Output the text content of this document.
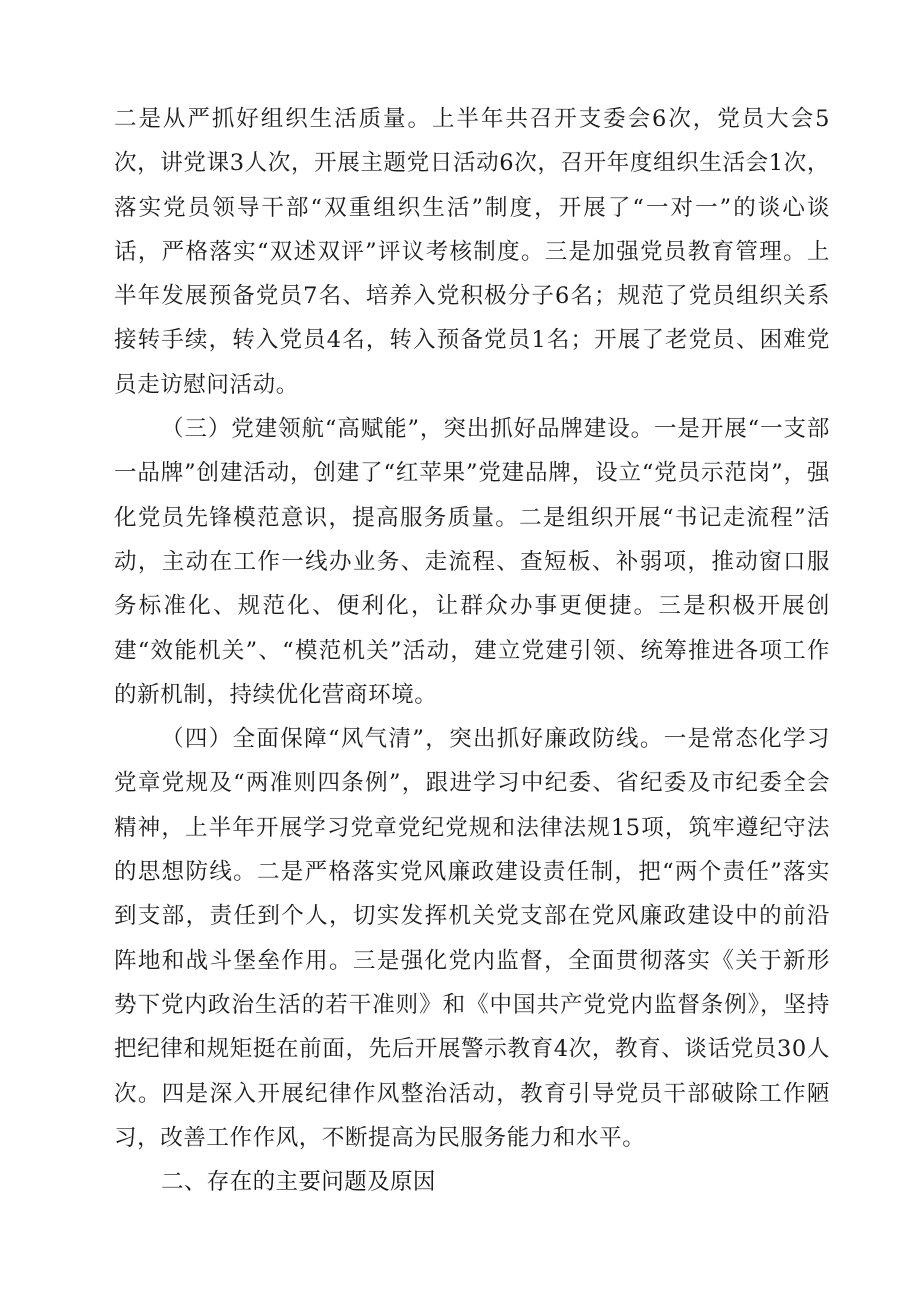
二是从严抓好组织生活质量。上半年共召开支委会6次，党员大会5次，讲党课3人次，开展主题党日活动6次，召开年度组织生活会1次，落实党员领导干部“双重组织生活”制度，开展了“一对一”的谈心谈话，严格落实“双述双评”评议考核制度。三是加强党员教育管理。上半年发展预备党员7名、培养入党积极分子6名；规范了党员组织关系接转手续，转入党员4名，转入预备党员1名；开展了老党员、困难党员走访慰问活动。

（三）党建领航“高赋能”，突出抓好品牌建设。一是开展“一支部一品牌”创建活动，创建了“红苹果”党建品牌，设立“党员示范岗”，强化党员先锋模范意识，提高服务质量。二是组织开展“书记走流程”活动，主动在工作一线办业务、走流程、查短板、补弱项，推动窗口服务标准化、规范化、便利化，让群众办事更便捷。三是积极开展创建“效能机关”、“模范机关”活动，建立党建引领、统筹推进各项工作的新机制，持续优化营商环境。

（四）全面保障“风气清”，突出抓好廉政防线。一是常态化学习党章党规及“两准则四条例”，跟进学习中纪委、省纪委及市纪委全会精神，上半年开展学习党章党纪党规和法律法规15项，筑牢遵纪守法的思想防线。二是严格落实党风廉政建设责任制，把“两个责任”落实到支部，责任到个人，切实发挥机关党支部在党风廉政建设中的前沿阵地和战斗堡垒作用。三是强化党内监督，全面贯彻落实《关于新形势下党内政治生活的若干准则》和《中国共产党党内监督条例》，坚持把纪律和规矩挺在前面，先后开展警示教育4次，教育、谈话党员30人次。四是深入开展纪律作风整治活动，教育引导党员干部破除工作陋习，改善工作作风，不断提高为民服务能力和水平。

二、存在的主要问题及原因
